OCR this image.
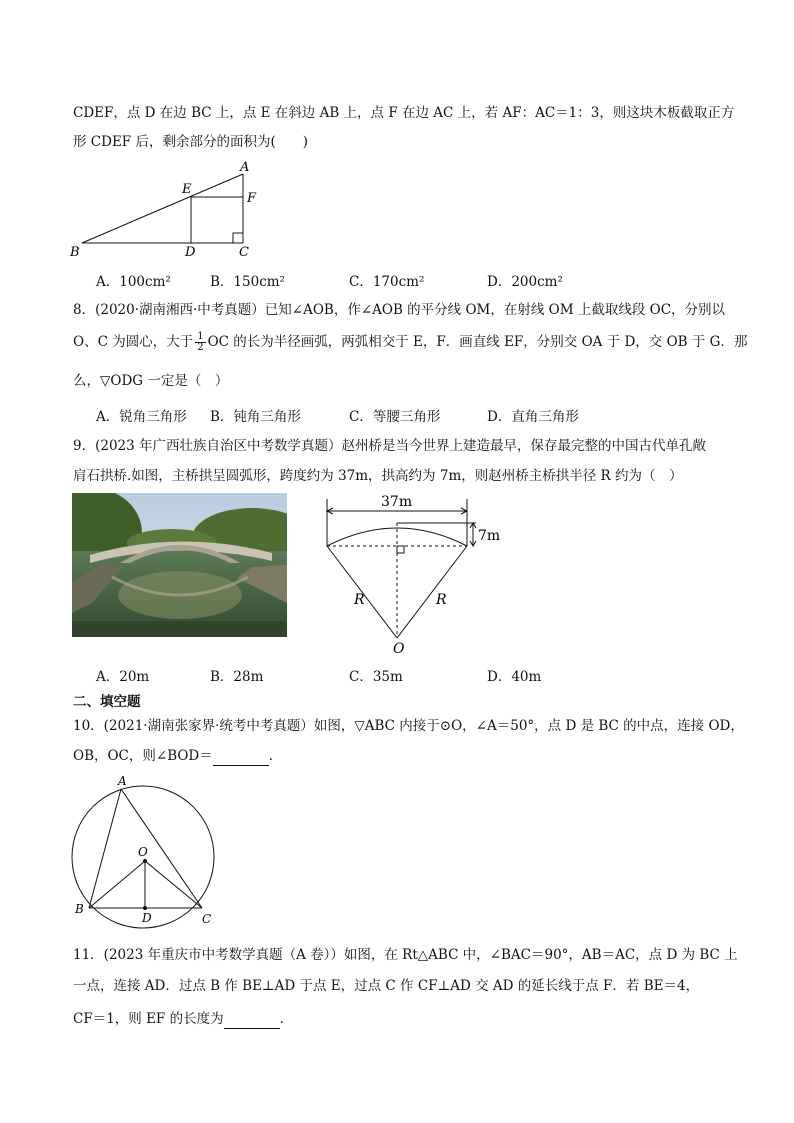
CDEF，点 D 在边 BC 上，点 E 在斜边 AB 上，点 F 在边 AC 上，若 AF：AC＝1：3，则这块木板截取正方
形 CDEF 后，剩余部分的面积为(　　)
A
B	C
D
E
F
A．100cm²	B．150cm²	C．170cm²	D．200cm²
8．(2020·湖南湘西·中考真题）已知∠AOB，作∠AOB 的平分线 OM，在射线 OM 上截取线段 OC，分别以
O、C 为圆心，大于 $\frac{1}{2}$ OC 的长为半径画弧，两弧相交于 E，F．画直线 EF，分别交 OA 于 D，交 OB 于 G．那
么，▽ODG 一定是（　）
A．锐角三角形 B．钝角三角形	C．等腰三角形	D．直角三角形
9．(2023 年广西壮族自治区中考数学真题）赵州桥是当今世界上建造最早，保存最完整的中国古代单孔敞
肩石拱桥.如图，主桥拱呈圆弧形，跨度约为 37m，拱高约为 7m，则赵州桥主桥拱半径 R 约为（　）
37m
7m
R	R
O
A．20m	B．28m	C．35m	D．40m
二、填空题
10．(2021·湖南张家界·统考中考真题）如图，▽ABC 内接于⊙O，∠A＝50°，点 D 是 BC 的中点，连接 OD，
OB，OC，则∠BOD＝	．
A
B
C
D
O
11．(2023 年重庆市中考数学真题（A 卷））如图，在 Rt△ABC 中，∠BAC＝90°，AB＝AC，点 D 为 BC 上
一点，连接 AD．过点 B 作 BE⊥AD 于点 E，过点 C 作 CF⊥AD 交 AD 的延长线于点 F．若 BE＝4，
CF＝1，则 EF 的长度为	．
